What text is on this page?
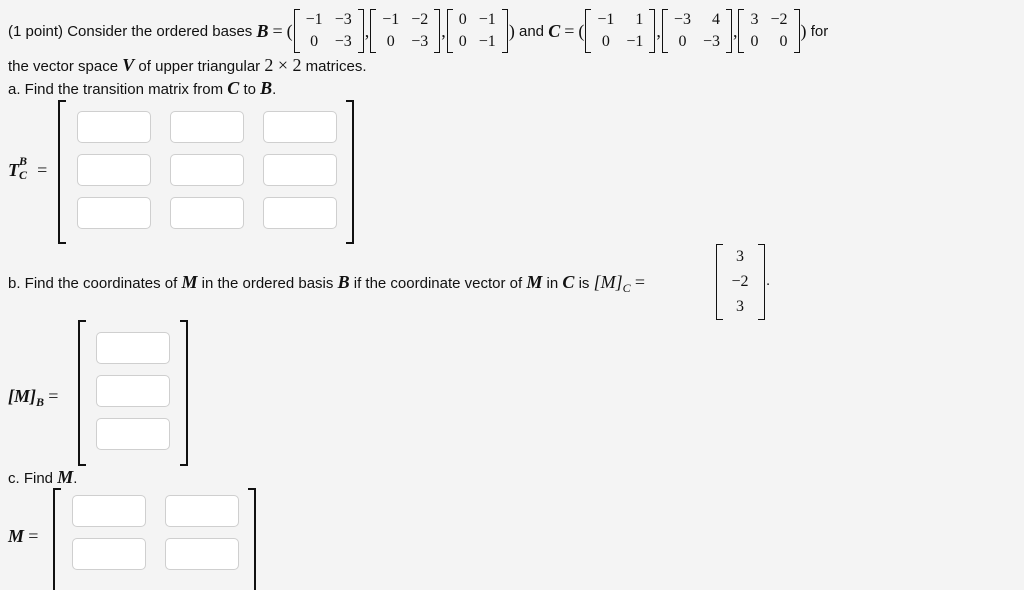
(1 point) Consider the ordered bases
B = (
−1	−3
0	−3
,
−1	−2
0	−3
,
0	−1
0	−1
)
and
C = (
−1	1
0	−1
,
−3	4
0	−3
,
3	−2
0	0
)
for
the vector space V of upper triangular 2 × 2 matrices.
a. Find the transition matrix from C to B.
T B
C =
b. Find the coordinates of M in the ordered basis B if the coordinate vector of M in C is $[M]_C$ =
3
−2
3
.
$[M]_B$ =
c. Find M.
M =
